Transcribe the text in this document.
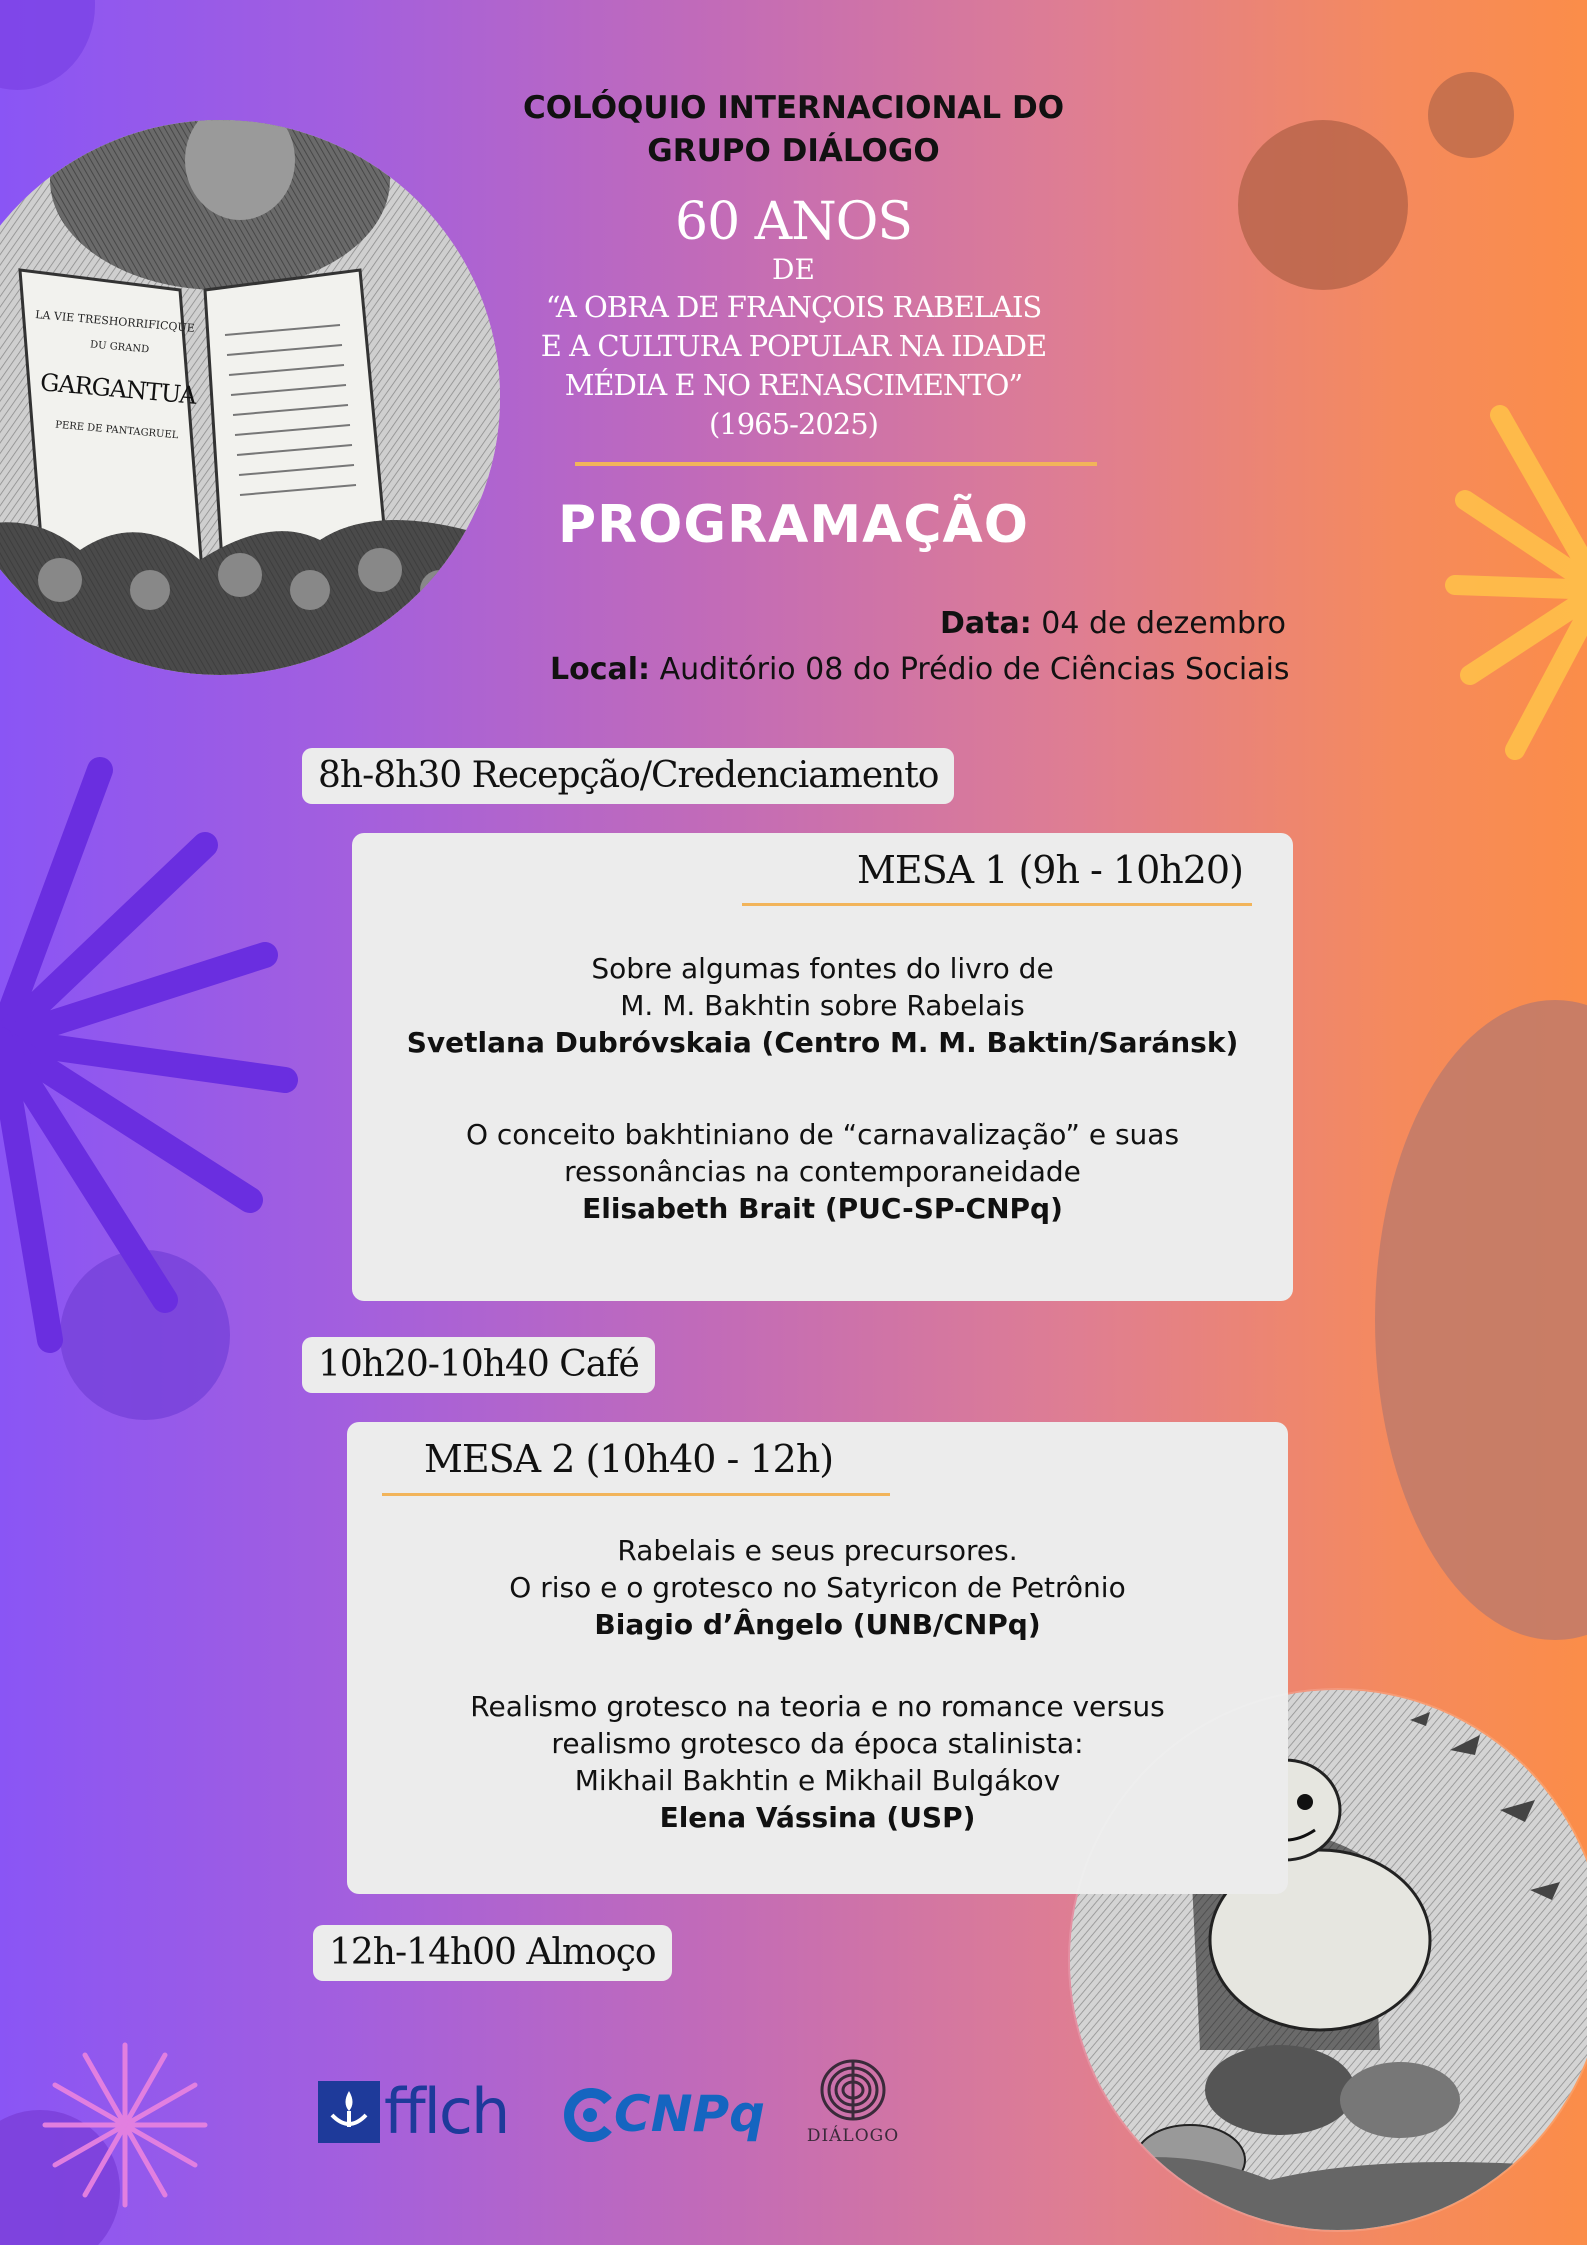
LA VIE TRESHORRIFICQUE
DU GRAND
GARGANTUA
PERE DE PANTAGRUEL
COLÓQUIO INTERNACIONAL DO
GRUPO DIÁLOGO
60 ANOS
DE
“A OBRA DE FRANÇOIS RABELAIS
E A CULTURA POPULAR NA IDADE
MÉDIA E NO RENASCIMENTO”
(1965-2025)
PROGRAMAÇÃO
Data: 04 de dezembro
Local: Auditório 08 do Prédio de Ciências Sociais
8h-8h30 Recepção/Credenciamento
MESA 1 (9h - 10h20)
Sobre algumas fontes do livro de
M. M. Bakhtin sobre Rabelais
Svetlana Dubróvskaia (Centro M. M. Baktin/Saránsk)
O conceito bakhtiniano de “carnavalização” e suas
ressonâncias na contemporaneidade
Elisabeth Brait (PUC-SP-CNPq)
10h20-10h40 Café
MESA 2 (10h40 - 12h)
Rabelais e seus precursores.
O riso e o grotesco no Satyricon de Petrônio
Biagio d’Ângelo (UNB/CNPq)
Realismo grotesco na teoria e no romance versus
realismo grotesco da época stalinista:
Mikhail Bakhtin e Mikhail Bulgákov
Elena Vássina (USP)
12h-14h00 Almoço
fflch CNPq	DIÁLOGO
